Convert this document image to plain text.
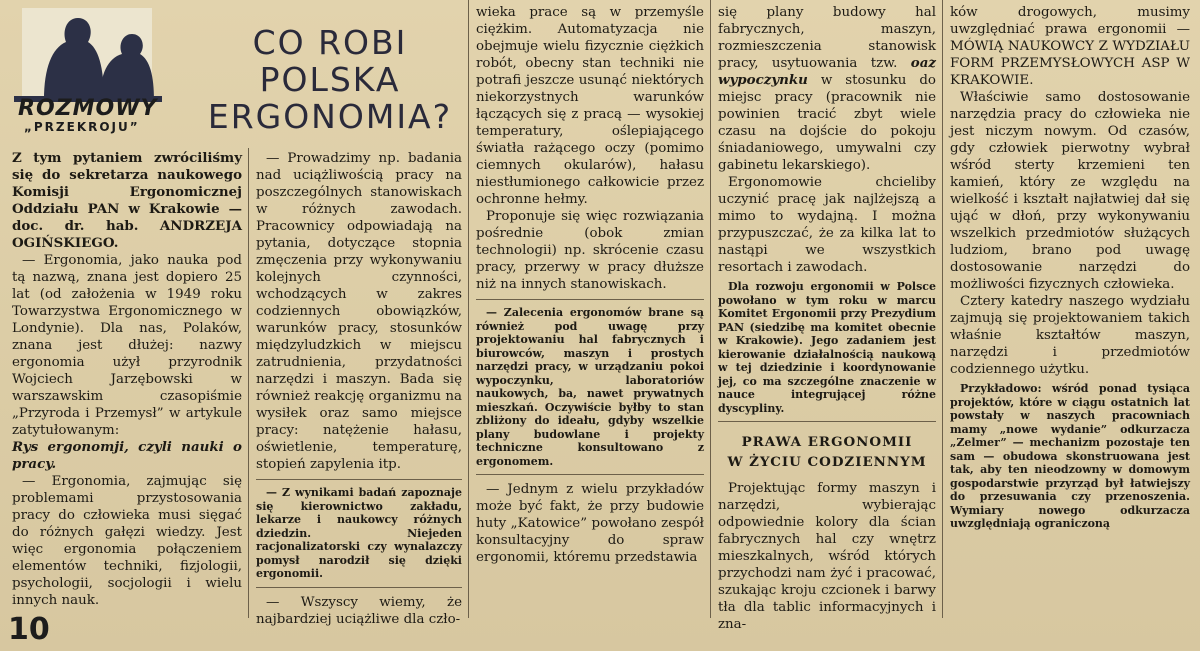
ROZMOWY
„PRZEKROJU”
CO ROBI
POLSKA
ERGONOMIA?

Z tym pytaniem zwróciliśmy się do sekretarza naukowego Komisji Ergonomicznej Oddziału PAN w Krakowie — doc. dr. hab. ANDRZEJA OGIŃSKIEGO.

— Ergonomia, jako nauka pod tą nazwą, znana jest dopiero 25 lat (od założenia w 1949 roku Towarzystwa Ergonomicznego w Londynie). Dla nas, Polaków, znana jest dłużej: nazwy ergonomia użył przyrodnik Wojciech Jarzębowski w warszawskim czasopiśmie „Przyroda i Przemysł” w artykule zatytułowanym:

Rys ergonomji, czyli nauki o pracy.

— Ergonomia, zajmując się problemami przystosowania pracy do człowieka musi sięgać do różnych gałęzi wiedzy. Jest więc ergonomia połączeniem elementów techniki, fizjologii, psychologii, socjologii i wielu innych nauk.

— Prowadzimy np. badania nad uciążliwością pracy na poszczególnych stanowiskach w różnych zawodach. Pracownicy odpowiadają na pytania, dotyczące stopnia zmęczenia przy wykonywaniu kolejnych czynności, wchodzących w zakres codziennych obowiązków, warunków pracy, stosunków międzyludzkich w miejscu zatrudnienia, przydatności narzędzi i maszyn. Bada się również reakcję organizmu na wysiłek oraz samo miejsce pracy: natężenie hałasu, oświetlenie, temperaturę, stopień zapylenia itp.

— Z wynikami badań zapoznaje się kierownictwo zakładu, lekarze i naukowcy różnych dziedzin. Niejeden racjonalizatorski czy wynalazczy pomysł narodził się dzięki ergonomii.

— Wszyscy wiemy, że najbardziej uciążliwe dla czło-

wieka prace są w przemyśle ciężkim. Automatyzacja nie obejmuje wielu fizycznie ciężkich robót, obecny stan techniki nie potrafi jeszcze usunąć niektórych niekorzystnych warunków łączących się z pracą — wysokiej temperatury, oślepiającego światła rażącego oczy (pomimo ciemnych okularów), hałasu niestłumionego całkowicie przez ochronne hełmy.

Proponuje się więc rozwiązania pośrednie (obok zmian technologii) np. skrócenie czasu pracy, przerwy w pracy dłuższe niż na innych stanowiskach.

— Zalecenia ergonomów brane są również pod uwagę przy projektowaniu hal fabrycznych i biurowców, maszyn i prostych narzędzi pracy, w urządzaniu pokoi wypoczynku, laboratoriów naukowych, ba, nawet prywatnych mieszkań. Oczywiście byłby to stan zbliżony do ideału, gdyby wszelkie plany budowlane i projekty techniczne konsultowano z ergonomem.

— Jednym z wielu przykładów może być fakt, że przy budowie huty „Katowice” powołano zespół konsultacyjny do spraw ergonomii, któremu przedstawia

się plany budowy hal fabrycznych, maszyn, rozmieszczenia stanowisk pracy, usytuowania tzw. oaz wypoczynku w stosunku do miejsc pracy (pracownik nie powinien tracić zbyt wiele czasu na dojście do pokoju śniadaniowego, umywalni czy gabinetu lekarskiego).

Ergonomowie chcieliby uczynić pracę jak najlżejszą a mimo to wydajną. I można przypuszczać, że za kilka lat to nastąpi we wszystkich resortach i zawodach.

Dla rozwoju ergonomii w Polsce powołano w tym roku w marcu Komitet Ergonomii przy Prezydium PAN (siedzibę ma komitet obecnie w Krakowie). Jego zadaniem jest kierowanie działalnością naukową w tej dziedzinie i koordynowanie jej, co ma szczególne znaczenie w nauce integrującej różne dyscypliny.

PRAWA ERGONOMII
W ŻYCIU CODZIENNYM

Projektując formy maszyn i narzędzi, wybierając odpowiednie kolory dla ścian fabrycznych hal czy wnętrz mieszkalnych, wśród których przychodzi nam żyć i pracować, szukając kroju czcionek i barwy tła dla tablic informacyjnych i zna-

ków drogowych, musimy uwzględniać prawa ergonomii — MÓWIĄ NAUKOWCY Z WYDZIAŁU FORM PRZEMYSŁOWYCH ASP W KRAKOWIE.

Właściwie samo dostosowanie narzędzia pracy do człowieka nie jest niczym nowym. Od czasów, gdy człowiek pierwotny wybrał wśród sterty krzemieni ten kamień, który ze względu na wielkość i kształt najłatwiej dał się ująć w dłoń, przy wykonywaniu wszelkich przedmiotów służących ludziom, brano pod uwagę dostosowanie narzędzi do możliwości fizycznych człowieka.

Cztery katedry naszego wydziału zajmują się projektowaniem takich właśnie kształtów maszyn, narzędzi i przedmiotów codziennego użytku.

Przykładowo: wśród ponad tysiąca projektów, które w ciągu ostatnich lat powstały w naszych pracowniach mamy „nowe wydanie” odkurzacza „Zelmer” — mechanizm pozostaje ten sam — obudowa skonstruowana jest tak, aby ten nieodzowny w domowym gospodarstwie przyrząd był łatwiejszy do przesuwania czy przenoszenia. Wymiary nowego odkurzacza uwzględniają ograniczoną

10
